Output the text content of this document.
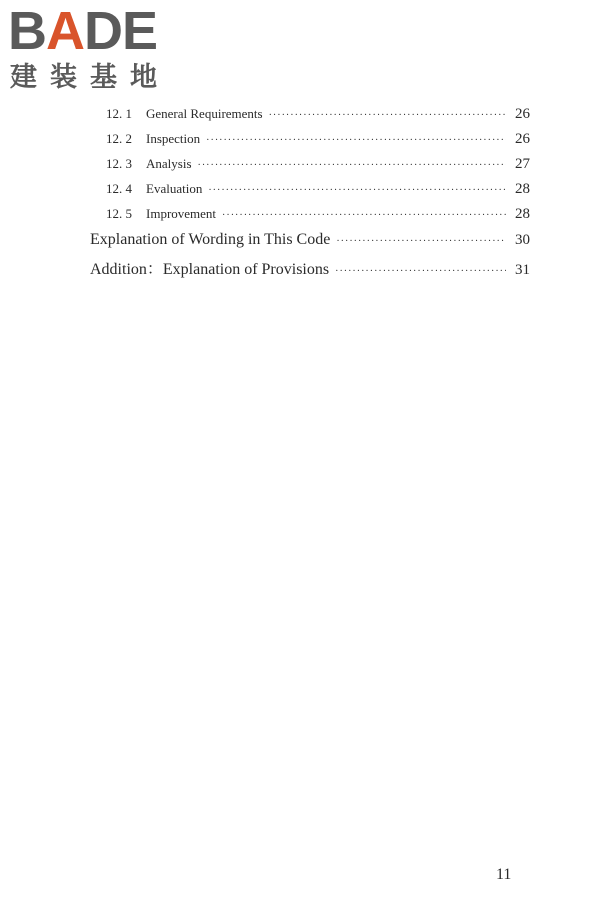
BADE
建装基地
12. 1	General Requirements ·····	26
12. 2	Inspection ·····	26
12. 3	Analysis ·····	27
12. 4	Evaluation ·····	28
12. 5	Improvement ·····	28
Explanation of Wording in This Code ·····	30
Addition：Explanation of Provisions ·····	31
11
